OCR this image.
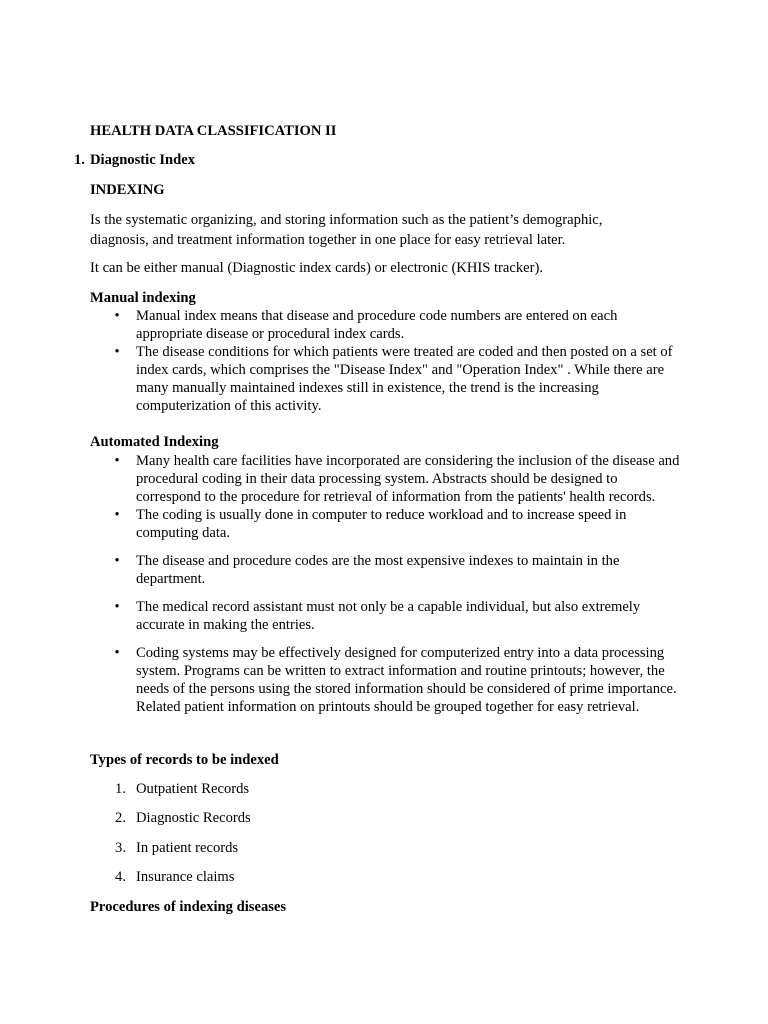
HEALTH DATA CLASSIFICATION II
1. Diagnostic Index
INDEXING
Is the systematic organizing, and storing information such as the patient’s demographic, diagnosis, and treatment information together in one place for easy retrieval later.
It can be either manual (Diagnostic index cards) or electronic (KHIS tracker).
Manual indexing
•	Manual index means that disease and procedure code numbers are entered on each appropriate disease or procedural index cards.
•	The disease conditions for which patients were treated are coded and then posted on a set of index cards, which comprises the "Disease Index" and "Operation Index" . While there are many manually maintained indexes still in existence, the trend is the increasing computerization of this activity.
Automated Indexing
•	Many health care facilities have incorporated are considering the inclusion of the disease and procedural coding in their data processing system. Abstracts should be designed to correspond to the procedure for retrieval of information from the patients' health records.
•	The coding is usually done in computer to reduce workload and to increase speed in computing data.
•	The disease and procedure codes are the most expensive indexes to maintain in the department.
•	The medical record assistant must not only be a capable individual, but also extremely accurate in making the entries.
•	Coding systems may be effectively designed for computerized entry into a data processing system. Programs can be written to extract information and routine printouts; however, the needs of the persons using the stored information should be considered of prime importance. Related patient information on printouts should be grouped together for easy retrieval.
Types of records to be indexed
1. Outpatient Records
2. Diagnostic Records
3. In patient records
4. Insurance claims
Procedures of indexing diseases
